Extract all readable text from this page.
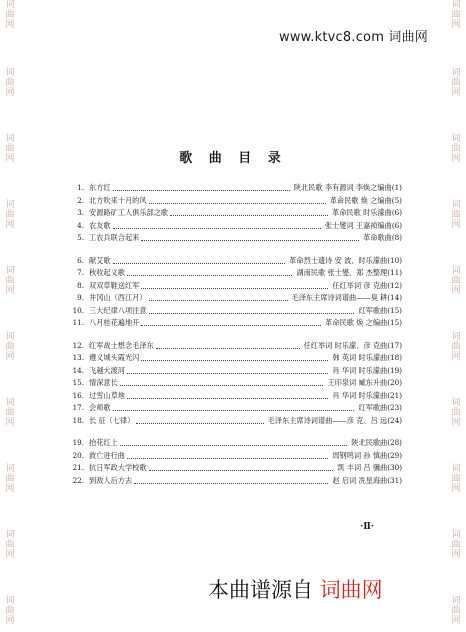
词
曲
网
词
曲
网
词
曲
网
词
曲
网
词
曲
网
词
曲
网
词
曲
网
词
曲
网
词
曲
网
词
曲
网
词
曲
网
词
曲
网
词
曲
网
词
曲
网
词
曲
网
词
曲
网
词
曲
网
词
曲
网
词
曲
网
词
曲
网
www.ktvc8.com 词曲网
歌 曲 目 录
1. 东方红	陕北民歌 李有源词 李焕之编曲(1)
2. 北方吹来十月的风	革命民歌 焕 之编曲(5)
3. 安源路矿工人俱乐部之歌	革命民歌 时乐濛曲(6)
4. 农友歌	张士燮词 王嘉祯编曲(6)
5. 工农兵联合起来	革命歌曲(8)
6. 献艾歌	革命烈士遗诗 安 波、时乐濛曲(10)
7. 秋收起义歌	湖南民歌 张士燮、郑 杰整理(11)
8. 双双草鞋送红军	任红举词 彦 克曲(12)
9. 井冈山（西江月）	毛泽东主席诗词谱曲——臭 耕(14)
10. 三大纪律八项注意	红军歌曲(15)
11. 八月桂花遍地开	革命民歌 焕 之编曲(15)
12. 红军战士想念毛泽东	任红举词 时乐濛、彦 克曲(17)
13. 遵义城头霞光闪	韩 英词 时乐濛曲(18)
14. 飞越大渡河	肖 华词 时乐濛曲(19)
15. 情深意长	王印泉词 臧东升曲(20)
16. 过雪山草地	肖 华词 时乐濛曲(21)
17. 会师歌	红军歌曲(23)
18. 长 征（七律）	毛泽东主席诗词谱曲——彦 克、吕 远(24)
19. 抬花红上	陕北民歌曲(28)
20. 救亡进行曲	周钢鸣词 孙 慎曲(29)
21. 抗日军政大学校歌	凯 丰词 吕 骥曲(30)
22. 到敌人后方去	赵 启词 冼星海曲(31)
·Ⅱ·
本曲谱源自 词曲网
